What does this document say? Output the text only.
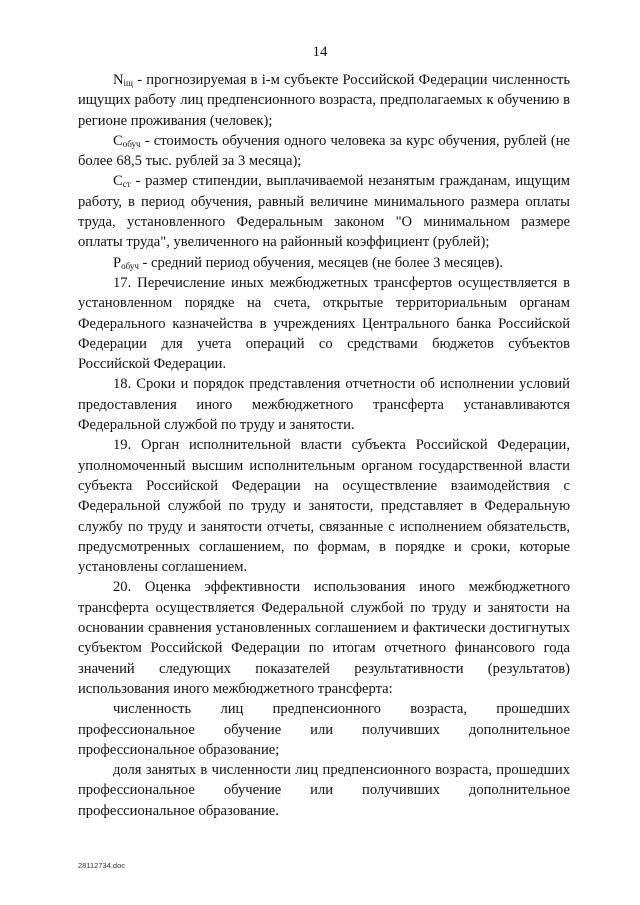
14

$N_{iщ}$ - прогнозируемая в i-м субъекте Российской Федерации численность ищущих работу лиц предпенсионного возраста, предполагаемых к обучению в регионе проживания (человек);

$С_{обуч}$ - стоимость обучения одного человека за курс обучения, рублей (не более 68,5 тыс. рублей за 3 месяца);

$С_{ст}$ - размер стипендии, выплачиваемой незанятым гражданам, ищущим работу, в период обучения, равный величине минимального размера оплаты труда, установленного Федеральным законом "О минимальном размере оплаты труда", увеличенного на районный коэффициент (рублей);

$Р_{обуч}$ - средний период обучения, месяцев (не более 3 месяцев).

17. Перечисление иных межбюджетных трансфертов осуществляется в установленном порядке на счета, открытые территориальным органам Федерального казначейства в учреждениях Центрального банка Российской Федерации для учета операций со средствами бюджетов субъектов Российской Федерации.

18. Сроки и порядок представления отчетности об исполнении условий предоставления иного межбюджетного трансферта устанавливаются Федеральной службой по труду и занятости.

19. Орган исполнительной власти субъекта Российской Федерации, уполномоченный высшим исполнительным органом государственной власти субъекта Российской Федерации на осуществление взаимодействия с Федеральной службой по труду и занятости, представляет в Федеральную службу по труду и занятости отчеты, связанные с исполнением обязательств, предусмотренных соглашением, по формам, в порядке и сроки, которые установлены соглашением.

20. Оценка эффективности использования иного межбюджетного трансферта осуществляется Федеральной службой по труду и занятости на основании сравнения установленных соглашением и фактически достигнутых субъектом Российской Федерации по итогам отчетного финансового года значений следующих показателей результативности (результатов) использования иного межбюджетного трансферта:

численность лиц предпенсионного возраста, прошедших профессиональное обучение или получивших дополнительное профессиональное образование;

доля занятых в численности лиц предпенсионного возраста, прошедших профессиональное обучение или получивших дополнительное профессиональное образование.

28112734.doc
